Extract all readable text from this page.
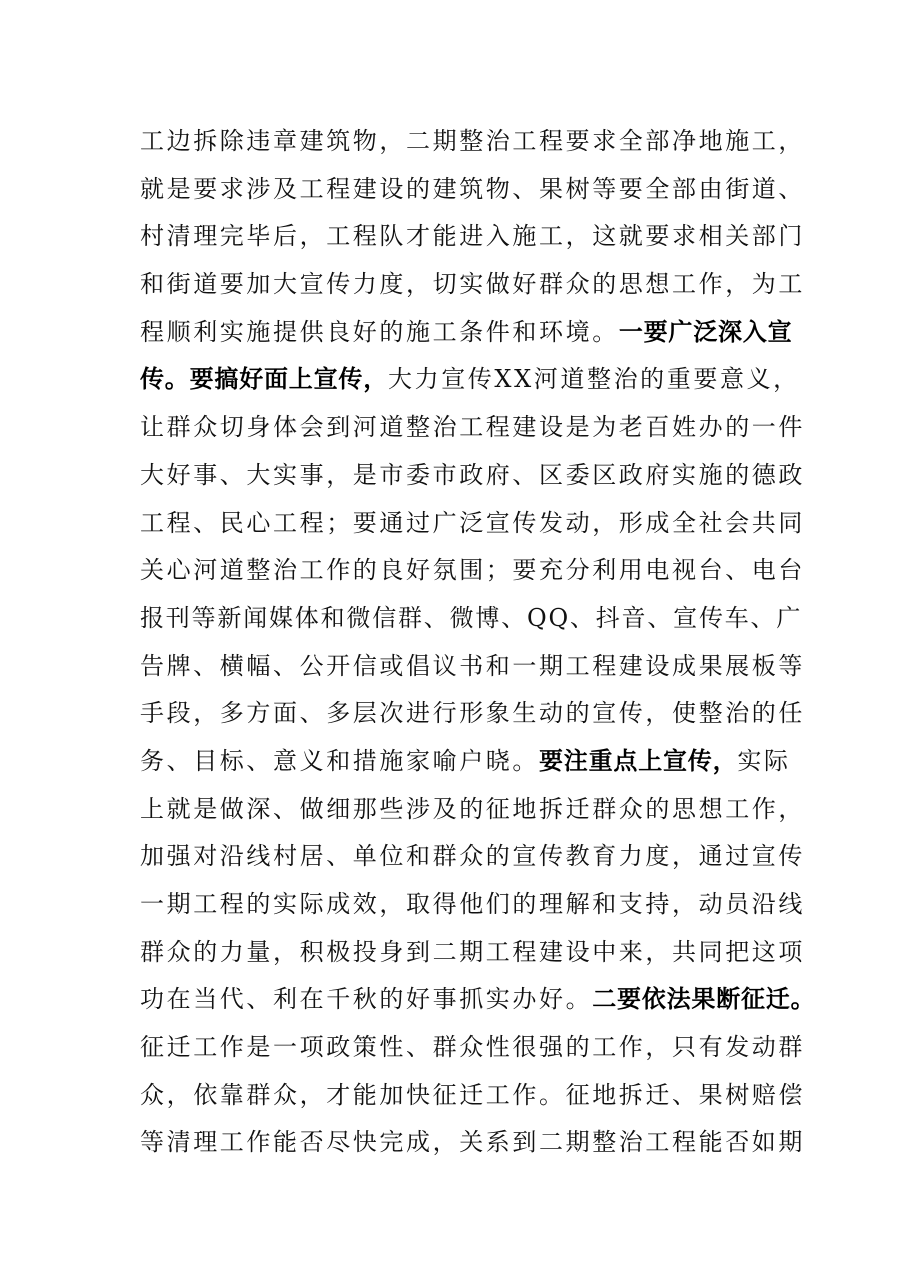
工边拆除违章建筑物，二期整治工程要求全部净地施工，
就是要求涉及工程建设的建筑物、果树等要全部由街道、
村清理完毕后，工程队才能进入施工，这就要求相关部门
和街道要加大宣传力度，切实做好群众的思想工作，为工
程顺利实施提供良好的施工条件和环境。一要广泛深入宣
传。要搞好面上宣传，大力宣传XX河道整治的重要意义，
让群众切身体会到河道整治工程建设是为老百姓办的一件
大好事、大实事，是市委市政府、区委区政府实施的德政
工程、民心工程；要通过广泛宣传发动，形成全社会共同
关心河道整治工作的良好氛围；要充分利用电视台、电台
报刊等新闻媒体和微信群、微博、QQ、抖音、宣传车、广
告牌、横幅、公开信或倡议书和一期工程建设成果展板等
手段，多方面、多层次进行形象生动的宣传，使整治的任
务、目标、意义和措施家喻户晓。要注重点上宣传，实际
上就是做深、做细那些涉及的征地拆迁群众的思想工作，
加强对沿线村居、单位和群众的宣传教育力度，通过宣传
一期工程的实际成效，取得他们的理解和支持，动员沿线
群众的力量，积极投身到二期工程建设中来，共同把这项
功在当代、利在千秋的好事抓实办好。二要依法果断征迁。
征迁工作是一项政策性、群众性很强的工作，只有发动群
众，依靠群众，才能加快征迁工作。征地拆迁、果树赔偿
等清理工作能否尽快完成，关系到二期整治工程能否如期
